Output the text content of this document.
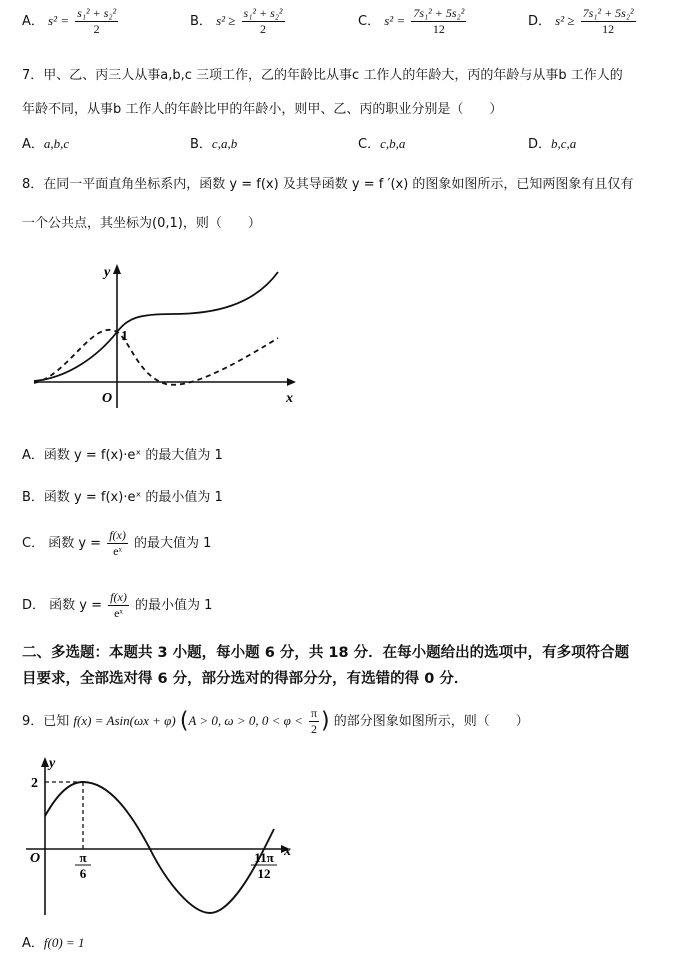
A． $s^2 = \frac{\text{s₁² + s₂²}}{2}$	B． $s^2 \ge \frac{\text{s₁² + s₂²}}{2}$	C． $s^2 = \frac{\text{7s₁² + 5s₂²}}{12}$	D． $s^2 \ge \frac{\text{7s₁² + 5s₂²}}{12}$
7．甲、乙、丙三人从事a,b,c 三项工作，乙的年龄比从事c 工作人的年龄大，丙的年龄与从事b 工作人的
年龄不同，从事b 工作人的年龄比甲的年龄小，则甲、乙、丙的职业分别是（　　）
A．a,b,c	B．c,a,b	C．c,b,a	D．b,c,a
8．在同一平面直角坐标系内，函数 y = f(x) 及其导函数 y = f ′(x) 的图象如图所示，已知两图象有且仅有
一个公共点，其坐标为(0,1)，则（　　）
y
x
O
1
A．函数 y = f(x)·eˣ 的最大值为 1
B．函数 y = f(x)·eˣ 的最小值为 1
C． 函数 $y = \frac{f(x)}{\text{eˣ}}$ 的最大值为 1
D． 函数 $y = \frac{f(x)}{\text{eˣ}}$ 的最小值为 1
二、多选题：本题共 3 小题，每小题 6 分，共 18 分．在每小题给出的选项中，有多项符合题
目要求，全部选对得 6 分，部分选对的得部分分，有选错的得 0 分．
9．已知 f(x) = Asin(ωx + φ) (A > 0, ω > 0, $0 < \varphi < \frac{\pi}{2}$ ) 的部分图象如图所示，则（　　）
2
y
x
O	π
6
11π
12
A．f(0) = 1
